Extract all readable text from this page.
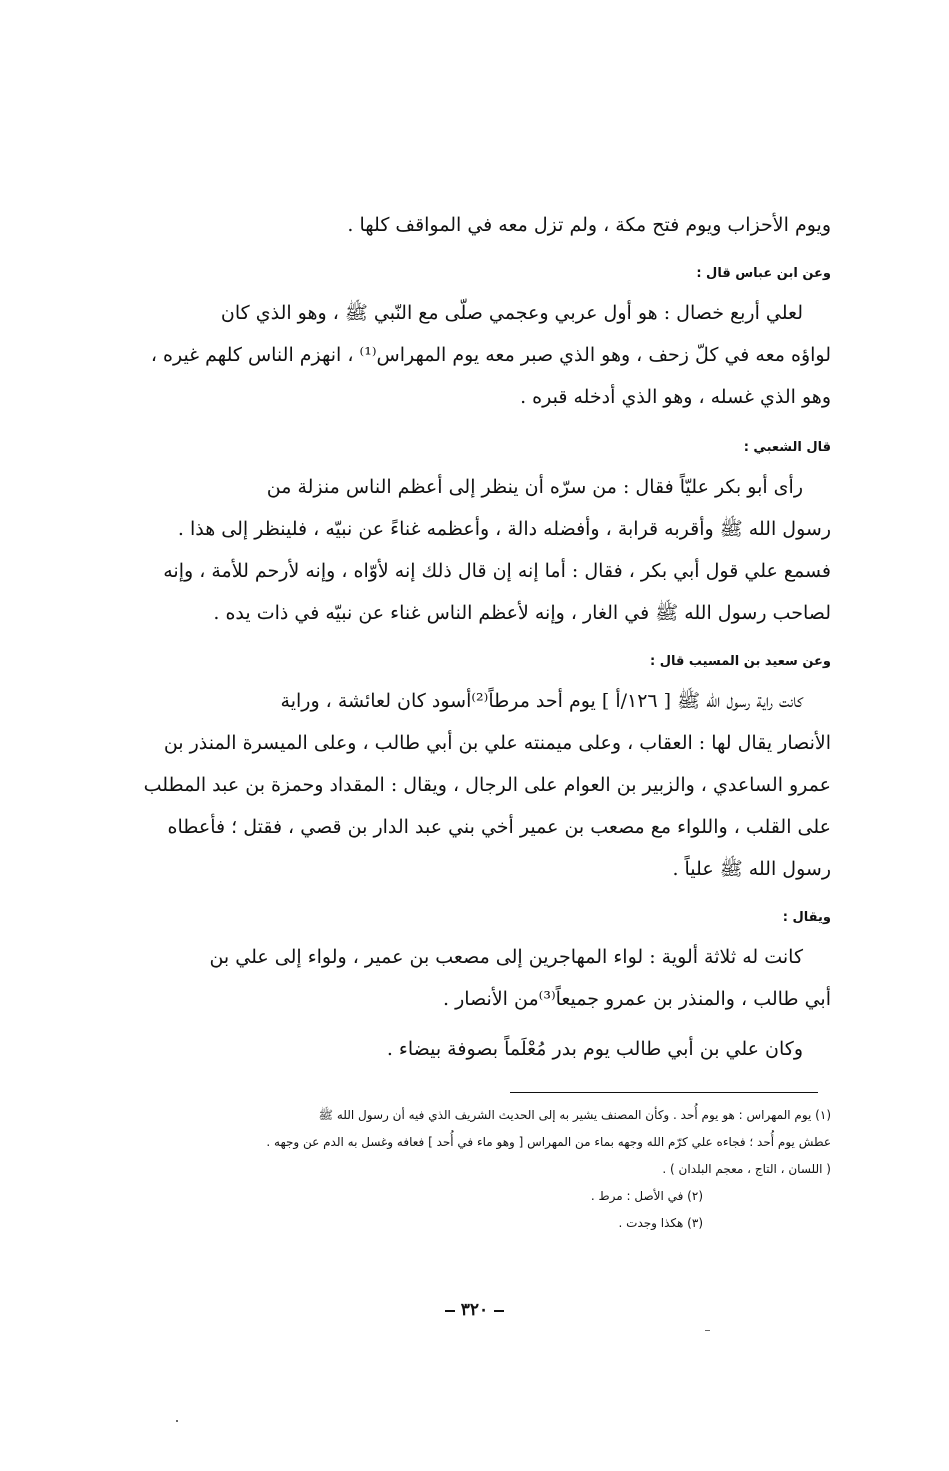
ويوم الأحزاب ويوم فتح مكة ، ولم تزل معه في المواقف كلها .

وعن ابن عباس قال :

لعلي أربع خصال : هو أول عربي وعجمي صلّى مع النّبي ﷺ ، وهو الذي كان

لواؤه معه في كلّ زحف ، وهو الذي صبر معه يوم المهراس⁽¹⁾ ، انهزم الناس كلهم غيره ،

وهو الذي غسله ، وهو الذي أدخله قبره .

قال الشعبي :

رأى أبو بكر عليّاً فقال : من سرّه أن ينظر إلى أعظم الناس منزلة من

رسول الله ﷺ وأقربه قرابة ، وأفضله دالة ، وأعظمه غناءً عن نبيّه ، فلينظر إلى هذا .

فسمع علي قول أبي بكر ، فقال : أما إنه إن قال ذلك إنه لأوّاه ، وإنه لأرحم للأمة ، وإنه

لصاحب رسول الله ﷺ في الغار ، وإنه لأعظم الناس غناء عن نبيّه في ذات يده .

وعن سعيد بن المسيب قال :

كانت راية رسول الله ﷺ [ ١٢٦/أ ] يوم أحد مرطاً⁽²⁾أسود كان لعائشة ، وراية

الأنصار يقال لها : العقاب ، وعلى ميمنته علي بن أبي طالب ، وعلى الميسرة المنذر بن

عمرو الساعدي ، والزبير بن العوام على الرجال ، ويقال : المقداد وحمزة بن عبد المطلب

على القلب ، واللواء مع مصعب بن عمير أخي بني عبد الدار بن قصي ، فقتل ؛ فأعطاه

رسول الله ﷺ علياً .

ويقال :

كانت له ثلاثة ألوية : لواء المهاجرين إلى مصعب بن عمير ، ولواء إلى علي بن

أبي طالب ، والمنذر بن عمرو جميعاً⁽³⁾من الأنصار .

وكان علي بن أبي طالب يوم بدر مُعْلَماً بصوفة بيضاء .

(١) يوم المهراس : هو يوم أُحد . وكأن المصنف يشير به إلى الحديث الشريف الذي فيه أن رسول الله ﷺ

عطش يوم أُحد ؛ فجاءه علي كرّم الله وجهه بماء من المهراس [ وهو ماء في أُحد ] فعافه وغسل به الدم عن وجهه .

( اللسان ، التاج ، معجم البلدان ) .

(٢) في الأصل : مرط .

(٣) هكذا وجدت .

٣٢٠
